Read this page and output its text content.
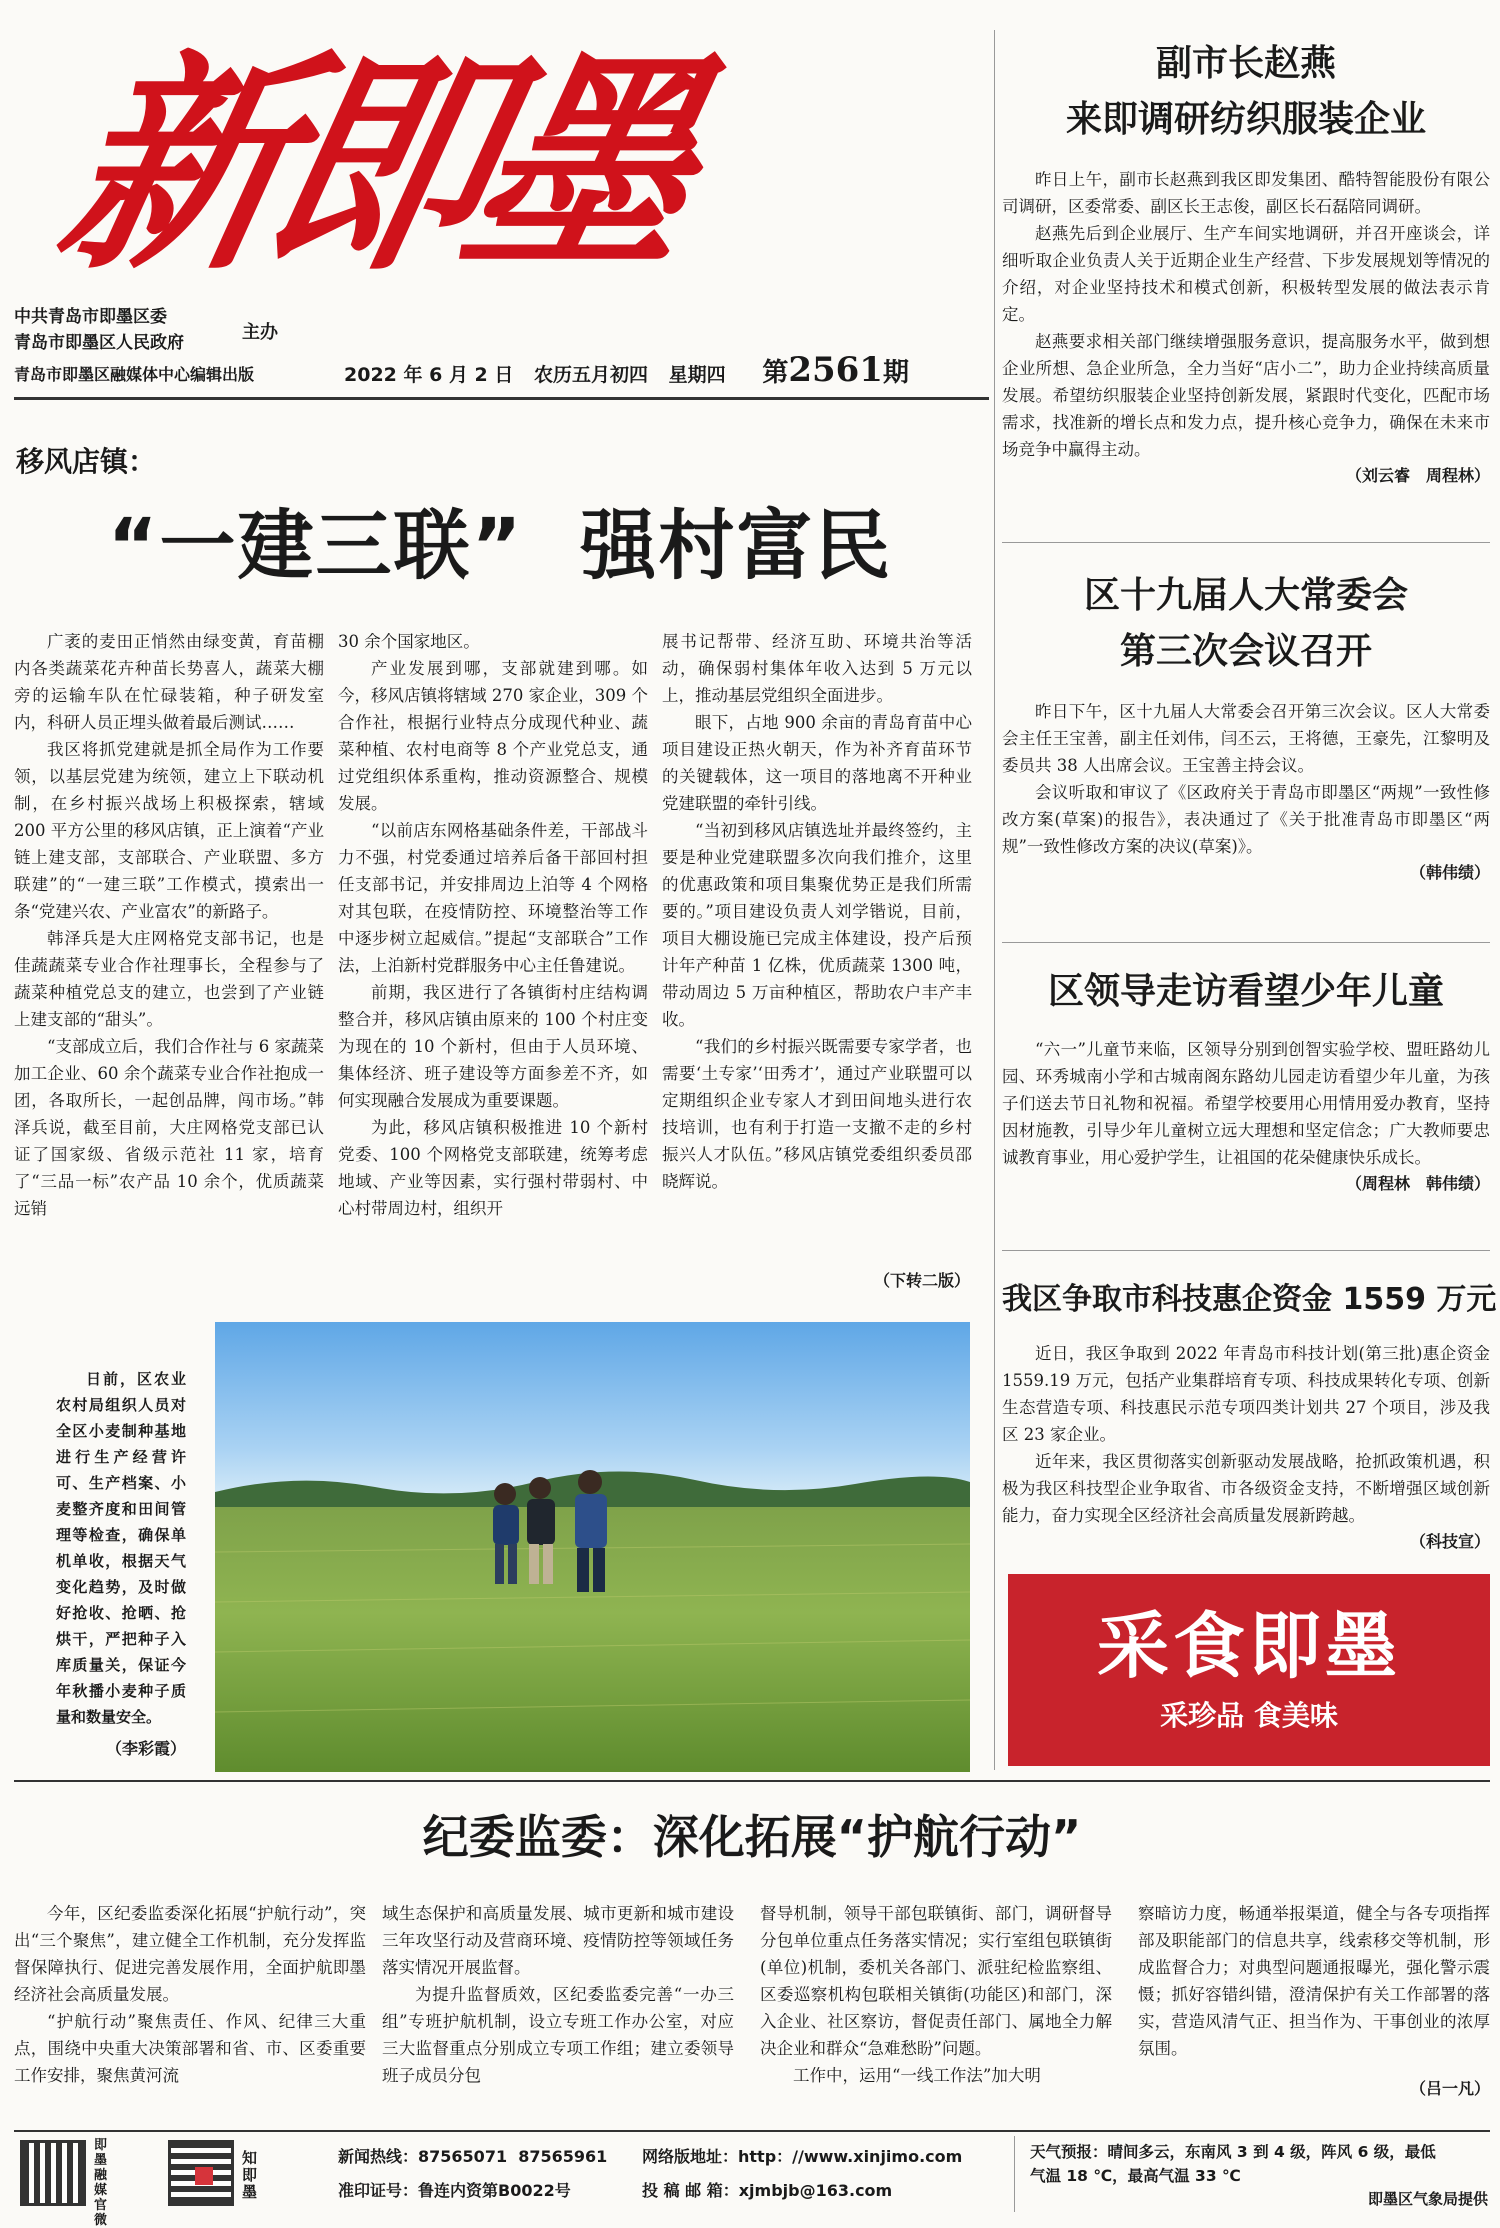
新即墨
中共青岛市即墨区委
青岛市即墨区人民政府	主办
青岛市即墨区融媒体中心编辑出版	2022 年 6 月 2 日 农历五月初四 星期四 第2561期
移风店镇：
“一建三联”  强村富民

广袤的麦田正悄然由绿变黄，育苗棚内各类蔬菜花卉种苗长势喜人，蔬菜大棚旁的运输车队在忙碌装箱，种子研发室内，科研人员正埋头做着最后测试……

我区将抓党建就是抓全局作为工作要领，以基层党建为统领，建立上下联动机制，在乡村振兴战场上积极探索，辖域 200 平方公里的移风店镇，正上演着“产业链上建支部，支部联合、产业联盟、多方联建”的“一建三联”工作模式，摸索出一条“党建兴农、产业富农”的新路子。

韩泽兵是大庄网格党支部书记，也是佳蔬蔬菜专业合作社理事长，全程参与了蔬菜种植党总支的建立，也尝到了产业链上建支部的“甜头”。

“支部成立后，我们合作社与 6 家蔬菜加工企业、60 余个蔬菜专业合作社抱成一团，各取所长，一起创品牌，闯市场。”韩泽兵说，截至目前，大庄网格党支部已认证了国家级、省级示范社 11 家，培育了“三品一标”农产品 10 余个，优质蔬菜远销

30 余个国家地区。

产业发展到哪，支部就建到哪。如今，移风店镇将辖域 270 家企业，309 个合作社，根据行业特点分成现代种业、蔬菜种植、农村电商等 8 个产业党总支，通过党组织体系重构，推动资源整合、规模发展。

“以前店东网格基础条件差，干部战斗力不强，村党委通过培养后备干部回村担任支部书记，并安排周边上泊等 4 个网格对其包联，在疫情防控、环境整治等工作中逐步树立起威信。”提起“支部联合”工作法，上泊新村党群服务中心主任鲁建说。

前期，我区进行了各镇街村庄结构调整合并，移风店镇由原来的 100 个村庄变为现在的 10 个新村，但由于人员环境、集体经济、班子建设等方面参差不齐，如何实现融合发展成为重要课题。

为此，移风店镇积极推进 10 个新村党委、100 个网格党支部联建，统筹考虑地域、产业等因素，实行强村带弱村、中心村带周边村，组织开

展书记帮带、经济互助、环境共治等活动，确保弱村集体年收入达到 5 万元以上，推动基层党组织全面进步。

眼下，占地 900 余亩的青岛育苗中心项目建设正热火朝天，作为补齐育苗环节的关键载体，这一项目的落地离不开种业党建联盟的牵针引线。

“当初到移风店镇选址并最终签约，主要是种业党建联盟多次向我们推介，这里的优惠政策和项目集聚优势正是我们所需要的。”项目建设负责人刘学锴说，目前，项目大棚设施已完成主体建设，投产后预计年产种苗 1 亿株，优质蔬菜 1300 吨，带动周边 5 万亩种植区，帮助农户丰产丰收。

“我们的乡村振兴既需要专家学者，也需要‘土专家’‘田秀才’，通过产业联盟可以定期组织企业专家人才到田间地头进行农技培训，也有利于打造一支撤不走的乡村振兴人才队伍。”移风店镇党委组织委员邵晓辉说。

（下转二版）

日前，区农业农村局组织人员对全区小麦制种基地进行生产经营许可、生产档案、小麦整齐度和田间管理等检查，确保单机单收，根据天气变化趋势，及时做好抢收、抢晒、抢烘干，严把种子入库质量关，保证今年秋播小麦种子质量和数量安全。

（李彩霞）
副市长赵燕
来即调研纺织服装企业

昨日上午，副市长赵燕到我区即发集团、酷特智能股份有限公司调研，区委常委、副区长王志俊，副区长石磊陪同调研。

赵燕先后到企业展厅、生产车间实地调研，并召开座谈会，详细听取企业负责人关于近期企业生产经营、下步发展规划等情况的介绍，对企业坚持技术和模式创新，积极转型发展的做法表示肯定。

赵燕要求相关部门继续增强服务意识，提高服务水平，做到想企业所想、急企业所急，全力当好“店小二”，助力企业持续高质量发展。希望纺织服装企业坚持创新发展，紧跟时代变化，匹配市场需求，找准新的增长点和发力点，提升核心竞争力，确保在未来市场竞争中赢得主动。

（刘云睿　周程林）
区十九届人大常委会
第三次会议召开

昨日下午，区十九届人大常委会召开第三次会议。区人大常委会主任王宝善，副主任刘伟，闫丕云，王将德，王豪先，江黎明及委员共 38 人出席会议。王宝善主持会议。

会议听取和审议了《区政府关于青岛市即墨区“两规”一致性修改方案(草案)的报告》，表决通过了《关于批准青岛市即墨区“两规”一致性修改方案的决议(草案)》。

（韩伟绩）
区领导走访看望少年儿童

“六一”儿童节来临，区领导分别到创智实验学校、盟旺路幼儿园、环秀城南小学和古城南阁东路幼儿园走访看望少年儿童，为孩子们送去节日礼物和祝福。希望学校要用心用情用爱办教育，坚持因材施教，引导少年儿童树立远大理想和坚定信念；广大教师要忠诚教育事业，用心爱护学生，让祖国的花朵健康快乐成长。

（周程林　韩伟绩）
我区争取市科技惠企资金 1559 万元

近日，我区争取到 2022 年青岛市科技计划(第三批)惠企资金 1559.19 万元，包括产业集群培育专项、科技成果转化专项、创新生态营造专项、科技惠民示范专项四类计划共 27 个项目，涉及我区 23 家企业。

近年来，我区贯彻落实创新驱动发展战略，抢抓政策机遇，积极为我区科技型企业争取省、市各级资金支持，不断增强区域创新能力，奋力实现全区经济社会高质量发展新跨越。

（科技宣）
采食即墨
采珍品 食美味
纪委监委：深化拓展“护航行动”

今年，区纪委监委深化拓展“护航行动”，突出“三个聚焦”，建立健全工作机制，充分发挥监督保障执行、促进完善发展作用，全面护航即墨经济社会高质量发展。

“护航行动”聚焦责任、作风、纪律三大重点，围绕中央重大决策部署和省、市、区委重要工作安排，聚焦黄河流

域生态保护和高质量发展、城市更新和城市建设三年攻坚行动及营商环境、疫情防控等领域任务落实情况开展监督。

为提升监督质效，区纪委监委完善“一办三组”专班护航机制，设立专班工作办公室，对应三大监督重点分别成立专项工作组；建立委领导班子成员分包

督导机制，领导干部包联镇街、部门，调研督导分包单位重点任务落实情况；实行室组包联镇街(单位)机制，委机关各部门、派驻纪检监察组、区委巡察机构包联相关镇街(功能区)和部门，深入企业、社区察访，督促责任部门、属地全力解决企业和群众“急难愁盼”问题。

工作中，运用“一线工作法”加大明

察暗访力度，畅通举报渠道，健全与各专项指挥部及职能部门的信息共享，线索移交等机制，形成监督合力；对典型问题通报曝光，强化警示震慑；抓好容错纠错，澄清保护有关工作部署的落实，营造风清气正、担当作为、干事创业的浓厚氛围。

（吕一凡）
即墨融媒官微
知即墨
新闻热线：87565071  87565961
准印证号：鲁连内资第B0022号
网络版地址：http：//www.xinjimo.com
投 稿 邮 箱：xjmbjb@163.com
天气预报：晴间多云，东南风 3 到 4 级，阵风 6 级，最低
气温 18 ℃，最高气温 33 ℃
即墨区气象局提供
